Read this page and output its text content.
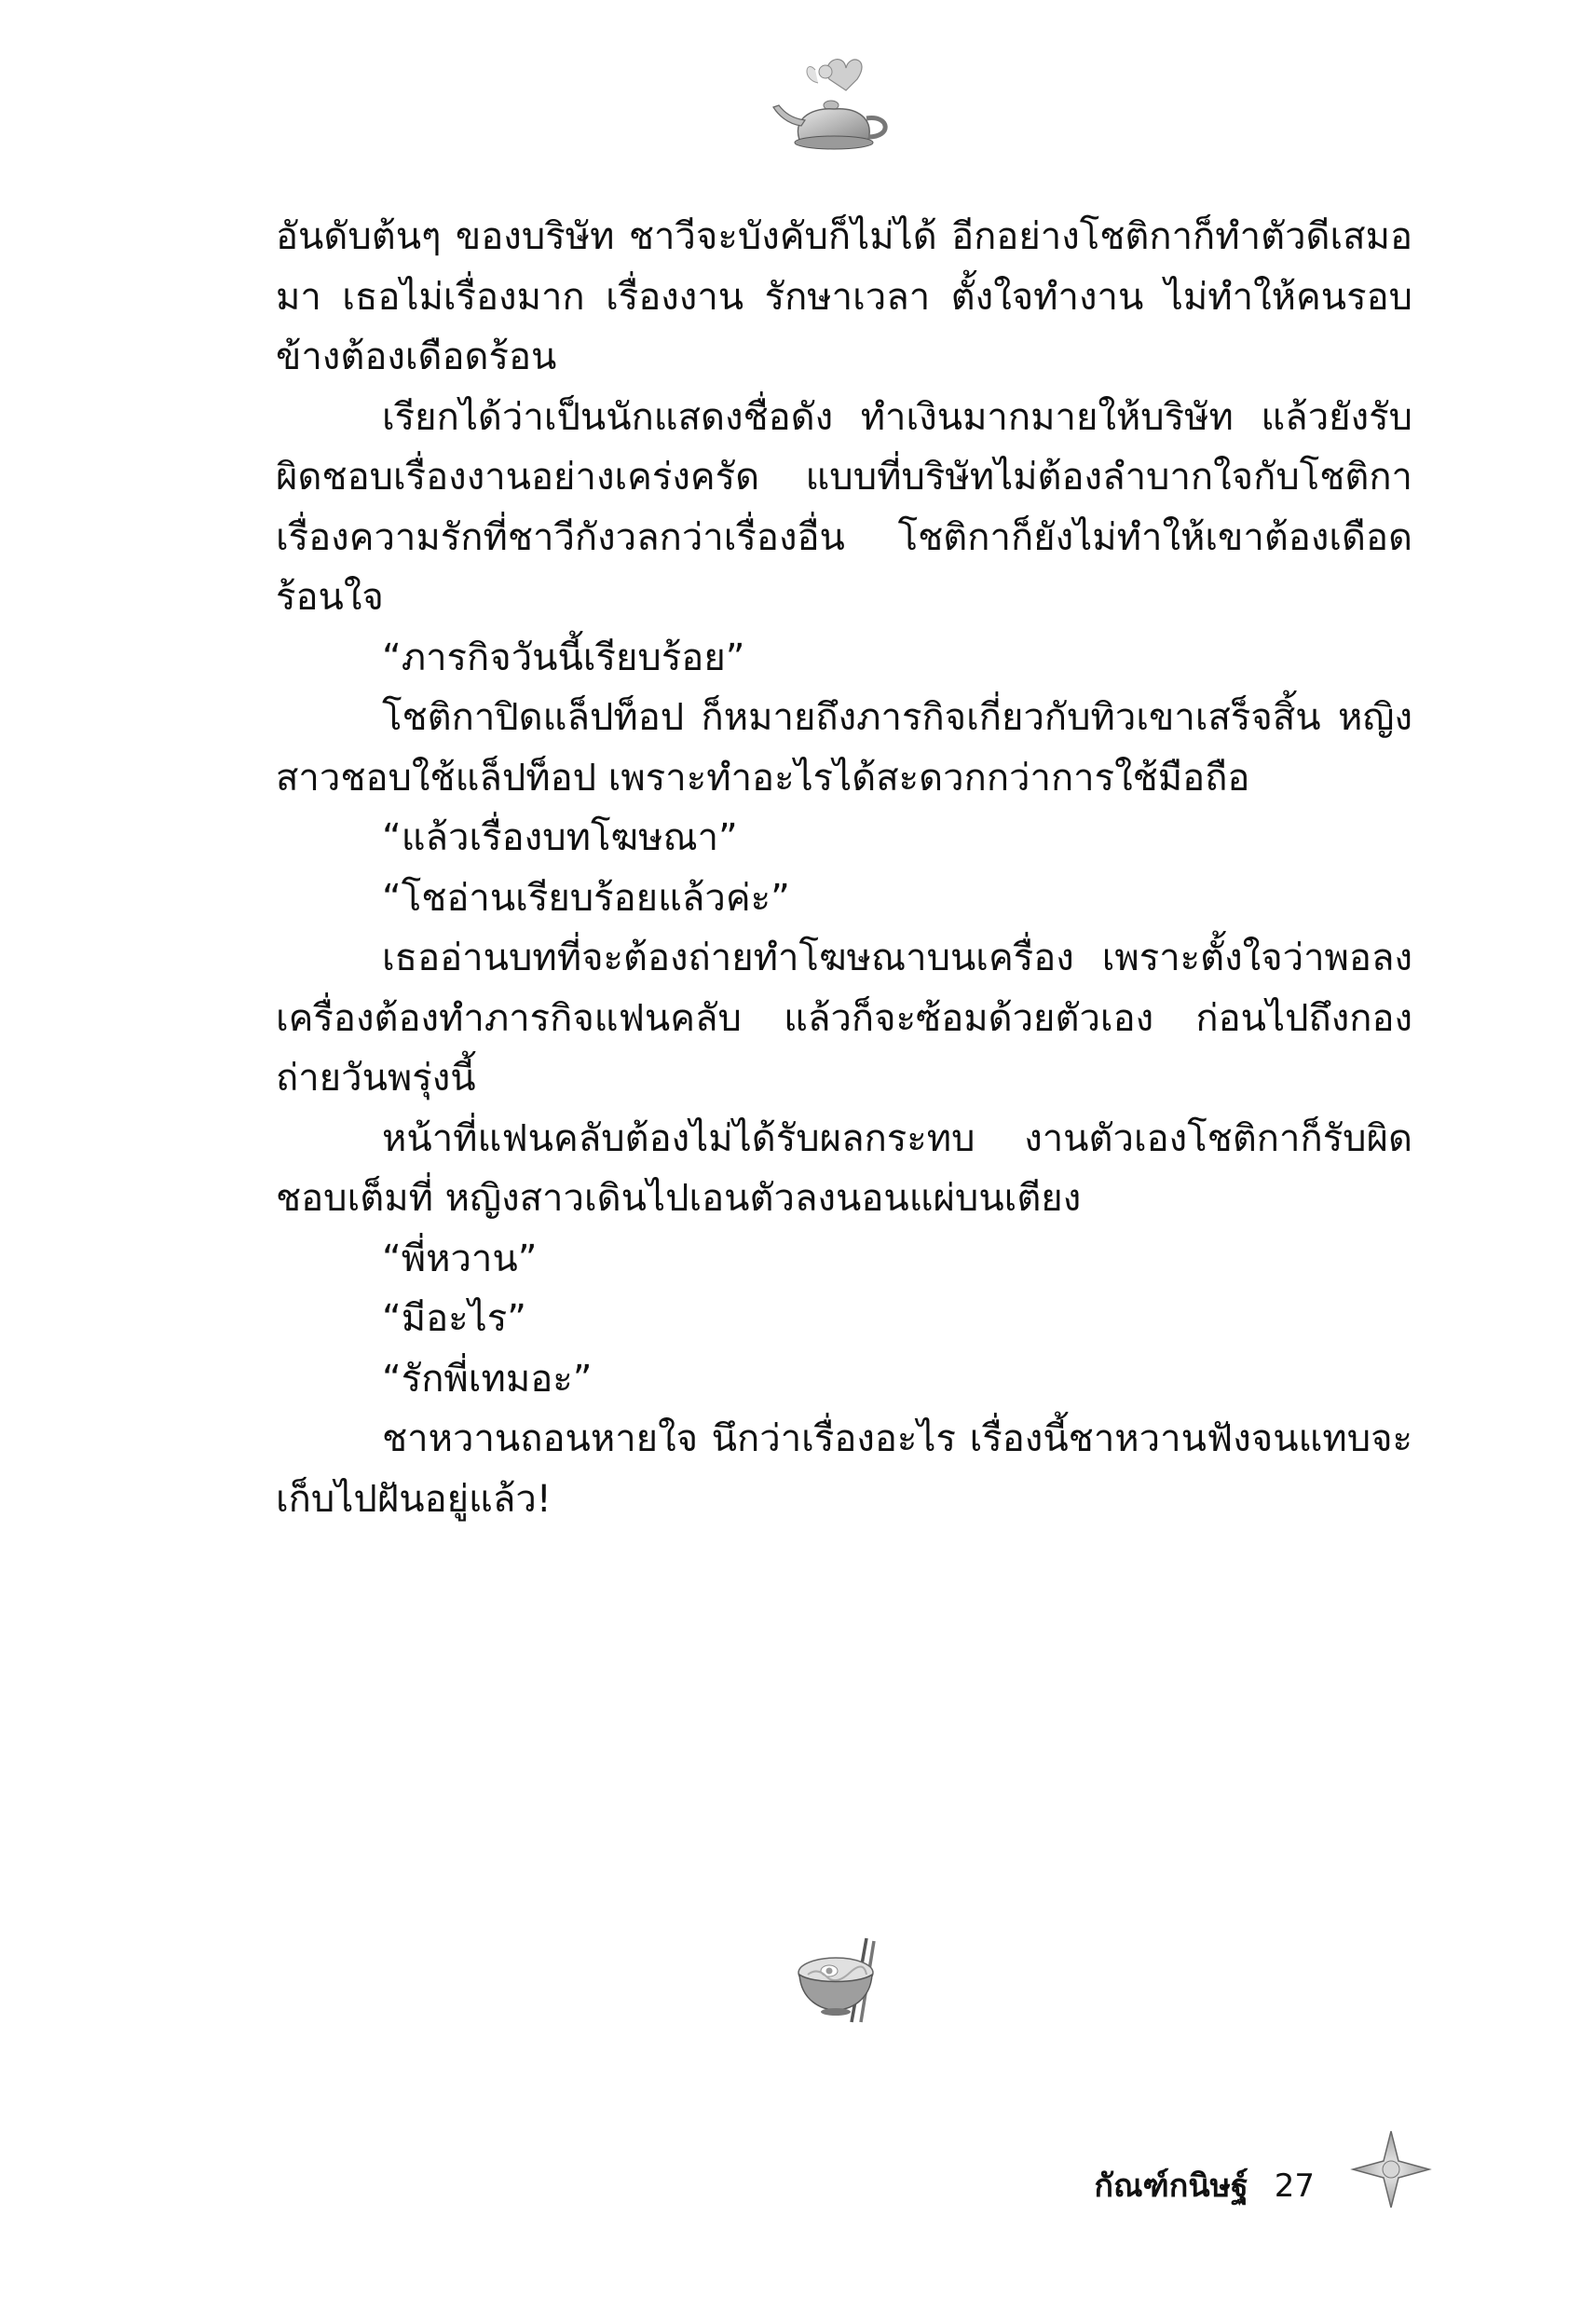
อันดับต้นๆ ของบริษัท ชาวีจะบังคับก็ไม่ได้ อีกอย่างโชติกาก็ทำตัวดีเสมอมา เธอไม่เรื่องมาก เรื่องงาน รักษาเวลา ตั้งใจทำงาน ไม่ทำให้คนรอบข้างต้องเดือดร้อน

เรียกได้ว่าเป็นนักแสดงชื่อดัง ทำเงินมากมายให้บริษัท แล้วยังรับผิดชอบเรื่องงานอย่างเคร่งครัด แบบที่บริษัทไม่ต้องลำบากใจกับโชติกา เรื่องความรักที่ชาวีกังวลกว่าเรื่องอื่น โชติกาก็ยังไม่ทำให้เขาต้องเดือดร้อนใจ

“ภารกิจวันนี้เรียบร้อย”

โชติกาปิดแล็ปท็อป ก็หมายถึงภารกิจเกี่ยวกับทิวเขาเสร็จสิ้น หญิงสาวชอบใช้แล็ปท็อป เพราะทำอะไรได้สะดวกกว่าการใช้มือถือ

“แล้วเรื่องบทโฆษณา”

“โชอ่านเรียบร้อยแล้วค่ะ”

เธออ่านบทที่จะต้องถ่ายทำโฆษณาบนเครื่อง เพราะตั้งใจว่าพอลงเครื่องต้องทำภารกิจแฟนคลับ แล้วก็จะซ้อมด้วยตัวเอง ก่อนไปถึงกองถ่ายวันพรุ่งนี้

หน้าที่แฟนคลับต้องไม่ได้รับผลกระทบ งานตัวเองโชติกาก็รับผิดชอบเต็มที่ หญิงสาวเดินไปเอนตัวลงนอนแผ่บนเตียง

“พี่หวาน”

“มีอะไร”

“รักพี่เทมอะ”

ชาหวานถอนหายใจ นึกว่าเรื่องอะไร เรื่องนี้ชาหวานฟังจนแทบจะเก็บไปฝันอยู่แล้ว!

กัณฑ์กนิษฐ์ 27
